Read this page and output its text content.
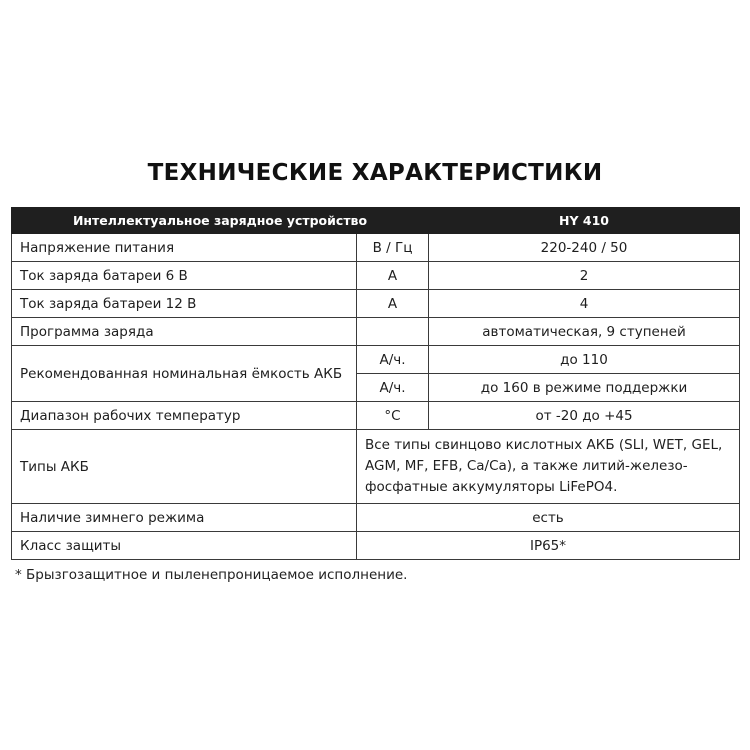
ТЕХНИЧЕСКИЕ ХАРАКТЕРИСТИКИ
Интеллектуальное зарядное устройство		HY 410
Напряжение питания	В / Гц	220-240 / 50
Ток заряда батареи 6 В	А	2
Ток заряда батареи 12 В	А	4
Программа заряда		автоматическая, 9 ступеней
Рекомендованная номинальная ёмкость АКБ	А/ч.	до 110
	А/ч.	до 160 в режиме поддержки
Диапазон рабочих температур	°С	от -20 до +45
Типы АКБ	Все типы свинцово кислотных АКБ (SLI, WET, GEL, AGM, MF, EFB, Ca/Ca), а также литий-железо-фосфатные аккумуляторы LiFePO4.	
Наличие зимнего режима	есть	
Класс защиты	IP65*	
* Брызгозащитное и пыленепроницаемое исполнение.
